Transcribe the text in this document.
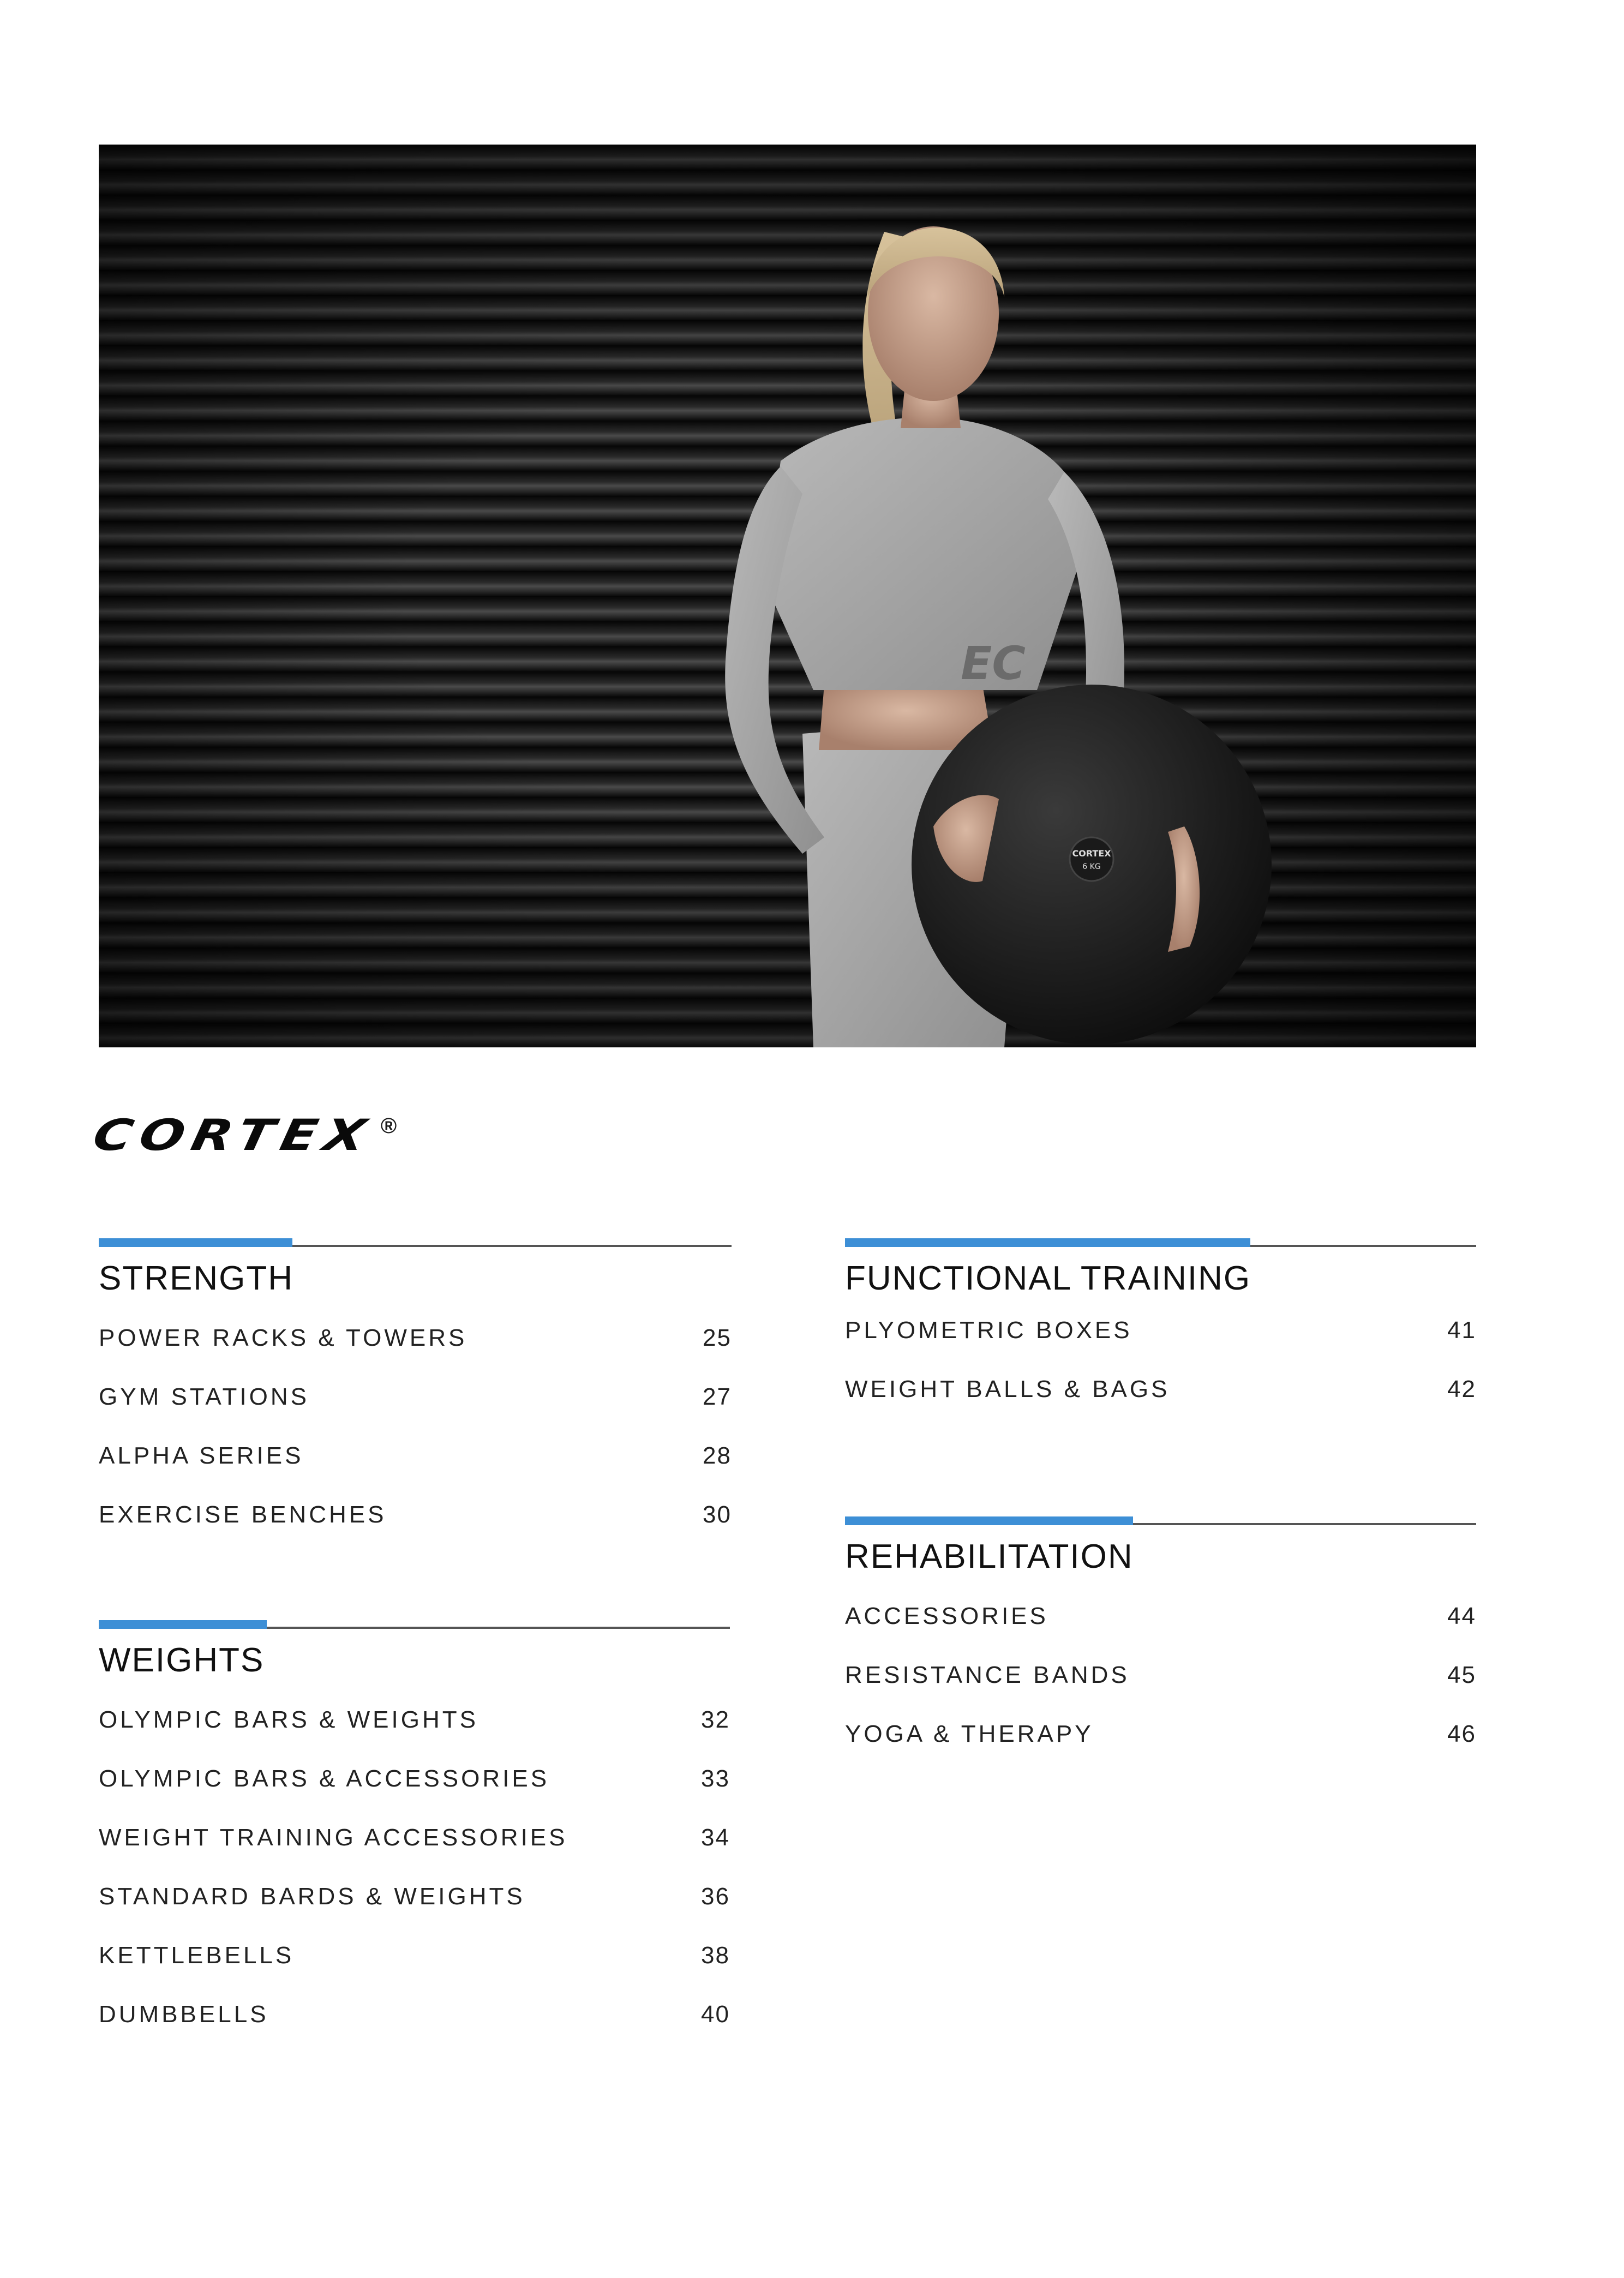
CORTEX
6 KG
EC
CORTEX ®
STRENGTH
POWER RACKS & TOWERS	25
GYM STATIONS	27
ALPHA SERIES	28
EXERCISE BENCHES	30
WEIGHTS
OLYMPIC BARS & WEIGHTS	32
OLYMPIC BARS & ACCESSORIES	33
WEIGHT TRAINING ACCESSORIES	34
STANDARD BARDS & WEIGHTS	36
KETTLEBELLS	38
DUMBBELLS	40
FUNCTIONAL TRAINING
PLYOMETRIC BOXES	41
WEIGHT BALLS & BAGS	42
REHABILITATION
ACCESSORIES	44
RESISTANCE BANDS	45
YOGA & THERAPY	46
